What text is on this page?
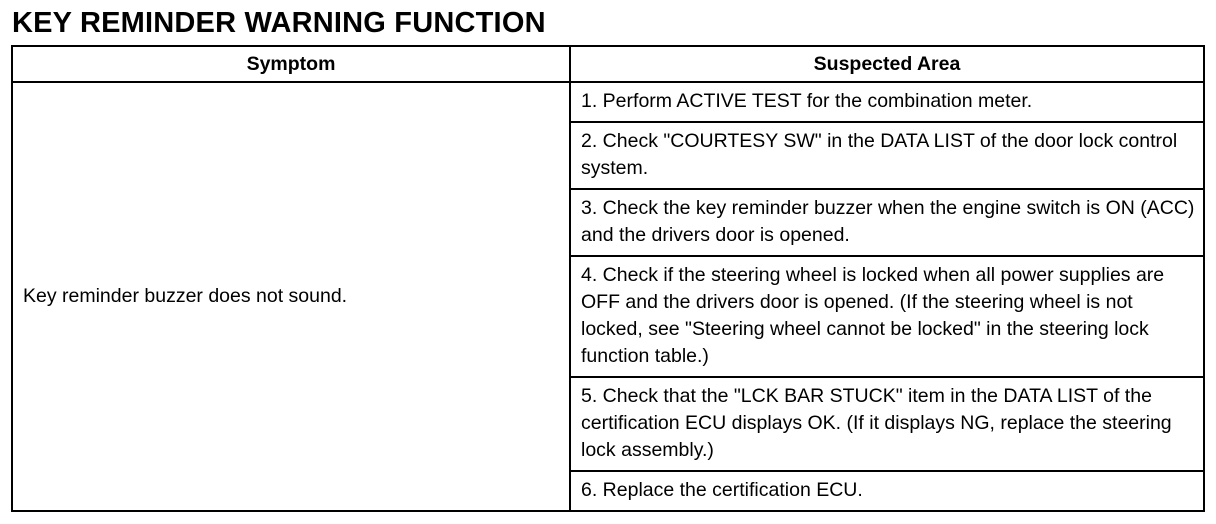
KEY REMINDER WARNING FUNCTION
Symptom	Suspected Area
Key reminder buzzer does not sound.	1. Perform ACTIVE TEST for the combination meter.
	2. Check "COURTESY SW" in the DATA LIST of the door lock control system.
	3. Check the key reminder buzzer when the engine switch is ON (ACC) and the drivers door is opened.
	4. Check if the steering wheel is locked when all power supplies are OFF and the drivers door is opened. (If the steering wheel is not locked, see "Steering wheel cannot be locked" in the steering lock function table.)
	5. Check that the "LCK BAR STUCK" item in the DATA LIST of the certification ECU displays OK. (If it displays NG, replace the steering lock assembly.)
	6. Replace the certification ECU.
